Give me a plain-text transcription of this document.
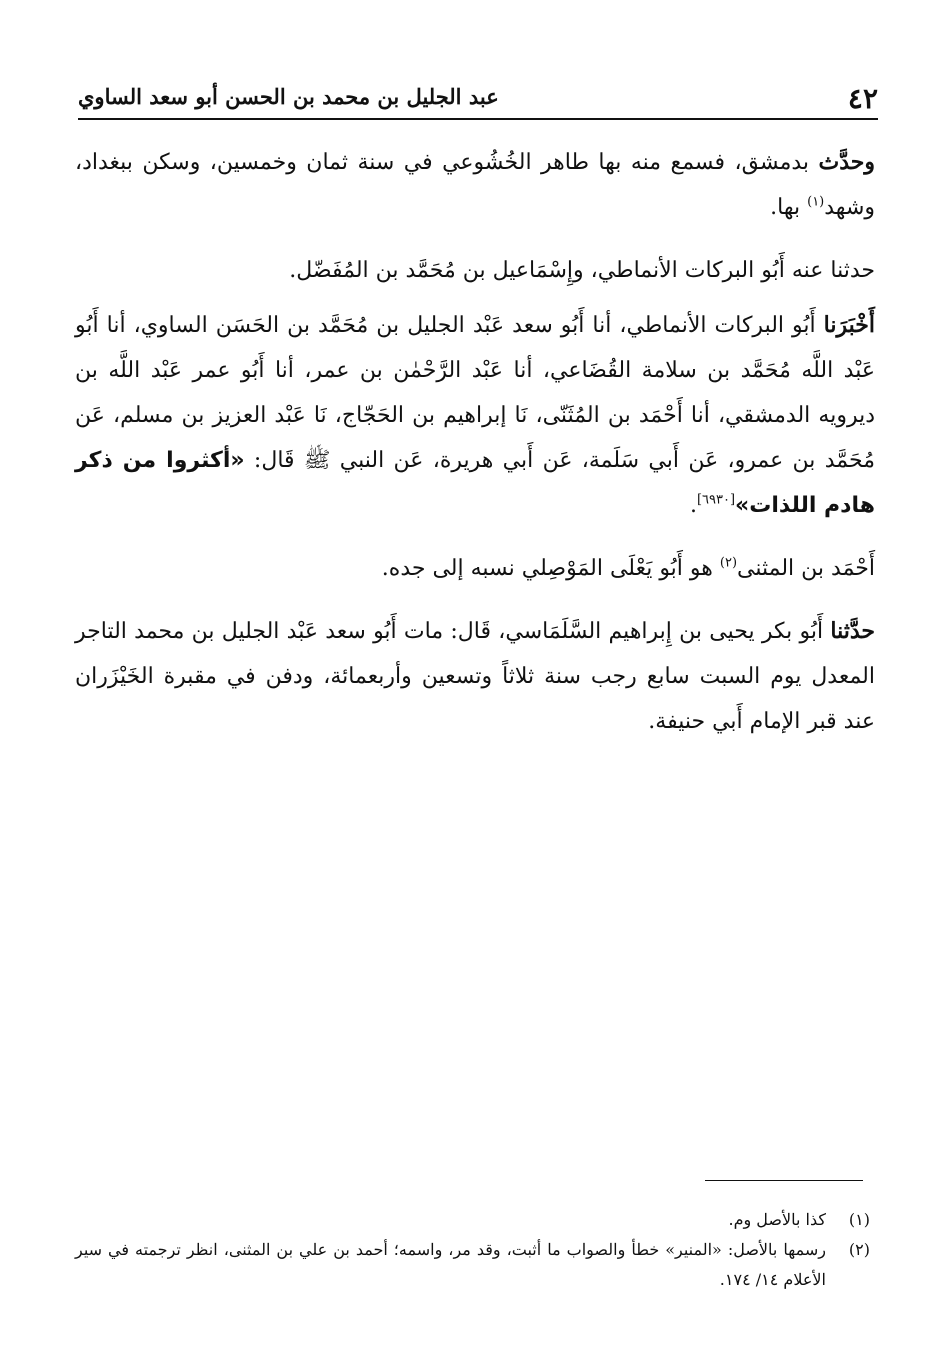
٤٢
عبد الجليل بن محمد بن الحسن أبو سعد الساوي

وحدَّث بدمشق، فسمع منه بها طاهر الخُشُوعي في سنة ثمان وخمسين، وسكن ببغداد، وشهد$^{(١)}$ بها.

حدثنا عنه أَبُو البركات الأنماطي، وإِسْمَاعيل بن مُحَمَّد بن المُفَضّل.

أَخْبَرَنا أَبُو البركات الأنماطي، أنا أَبُو سعد عَبْد الجليل بن مُحَمَّد بن الحَسَن الساوي، أنا أَبُو عَبْد اللَّه مُحَمَّد بن سلامة القُضَاعي، أنا عَبْد الرَّحْمٰن بن عمر، أنا أَبُو عمر عَبْد اللَّه بن ديرويه الدمشقي، أنا أَحْمَد بن المُثَنّى، نَا إبراهيم بن الحَجّاج، نَا عَبْد العزيز بن مسلم، عَن مُحَمَّد بن عمرو، عَن أَبي سَلَمة، عَن أَبي هريرة، عَن النبي ﷺ قَال: «أكثروا من ذكر هادم اللذات»[٦٩٣٠].

أَحْمَد بن المثنى$^{(٢)}$ هو أَبُو يَعْلَى المَوْصِلي نسبه إلى جده.

حدَّثنا أَبُو بكر يحيى بن إِبراهيم السَّلَمَاسي، قَال: مات أَبُو سعد عَبْد الجليل بن محمد التاجر المعدل يوم السبت سابع رجب سنة ثلاثاً وتسعين وأربعمائة، ودفن في مقبرة الخَيْزَران عند قبر الإمام أَبي حنيفة.

(١)
كذا بالأصل وم.
(٢)
رسمها بالأصل: «المنير» خطأ والصواب ما أثبت، وقد مر، واسمه؛ أحمد بن علي بن المثنى، انظر ترجمته في سير الأعلام ١٤/ ١٧٤.
